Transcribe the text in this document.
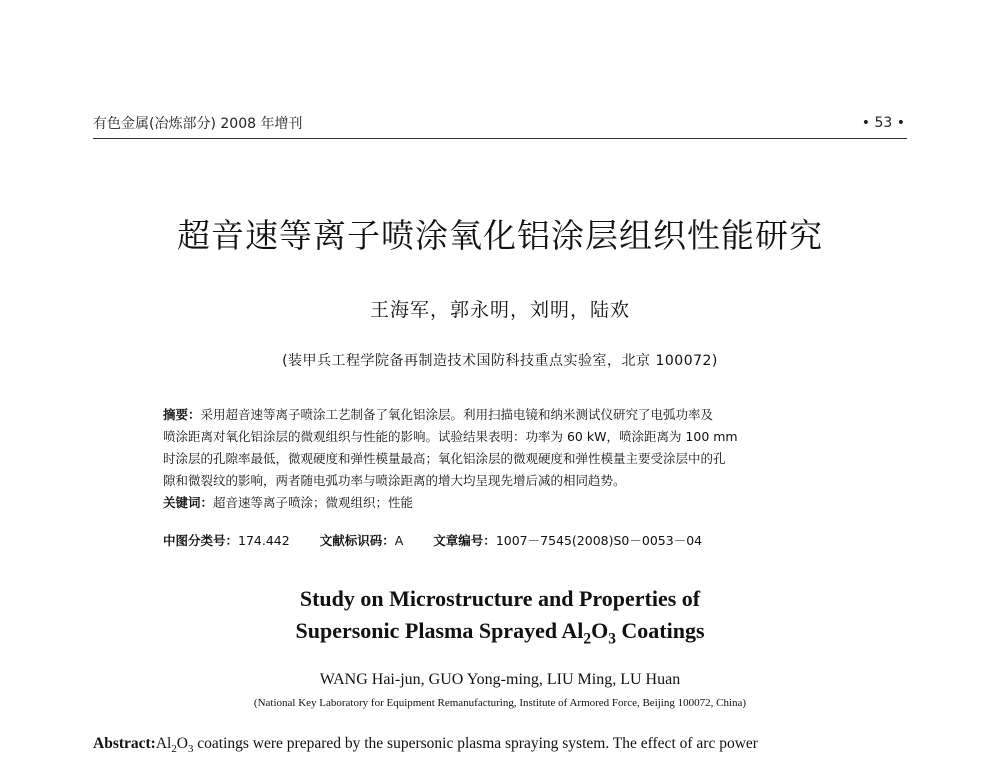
有色金属(冶炼部分) 2008 年增刊	• 53 •
超音速等离子喷涂氧化铝涂层组织性能研究
王海军，郭永明，刘明，陆欢
(装甲兵工程学院备再制造技术国防科技重点实验室，北京 100072)
摘要：采用超音速等离子喷涂工艺制备了氧化铝涂层。利用扫描电镜和纳米测试仪研究了电弧功率及
喷涂距离对氧化铝涂层的微观组织与性能的影响。试验结果表明：功率为 60 kW，喷涂距离为 100 mm
时涂层的孔隙率最低，微观硬度和弹性模量最高；氧化铝涂层的微观硬度和弹性模量主要受涂层中的孔
隙和微裂纹的影响，两者随电弧功率与喷涂距离的增大均呈现先增后减的相同趋势。
关键词：超音速等离子喷涂；微观组织；性能
中图分类号：174.442 文献标识码：A 文章编号：1007－7545(2008)S0－0053－04
Study on Microstructure and Properties of
Supersonic Plasma Sprayed $Al_2O_3$ Coatings
WANG Hai-jun, GUO Yong-ming, LIU Ming, LU Huan
(National Key Laboratory for Equipment Remanufacturing, Institute of Armored Force, Beijing 100072, China)
$Abstract:Al_2O_3$ coatings were prepared by the supersonic plasma spraying system. The effect of arc power
